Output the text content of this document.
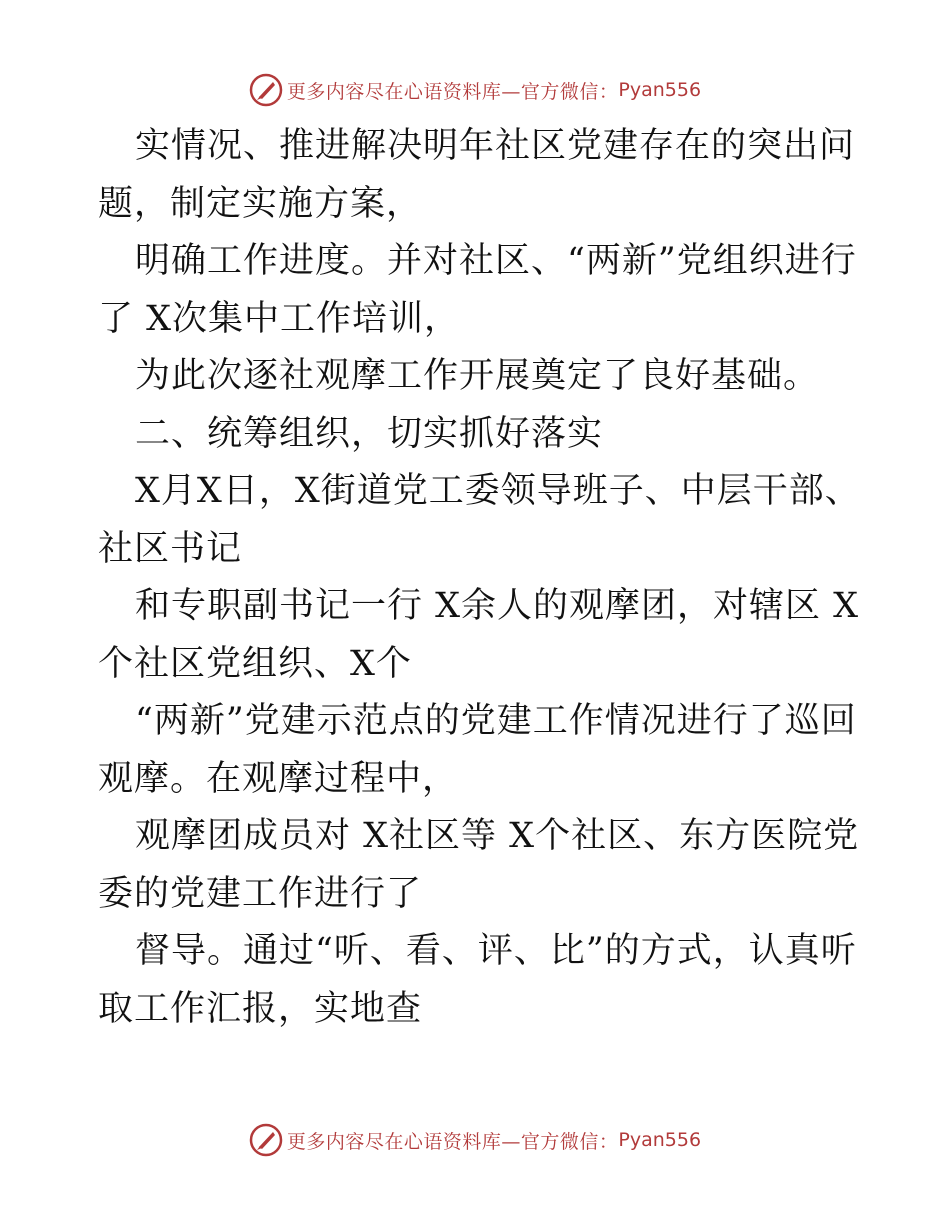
更多内容尽在心语资料库—官方微信： Pyan556
实情况、推进解决明年社区党建存在的突出问
题，制定实施方案，
明确工作进度。并对社区、“两新”党组织进行
了 X次集中工作培训，
为此次逐社观摩工作开展奠定了良好基础。
二、统筹组织，切实抓好落实
X月X日，X街道党工委领导班子、中层干部、
社区书记
和专职副书记一行 X余人的观摩团，对辖区 X
个社区党组织、X个
“两新”党建示范点的党建工作情况进行了巡回
观摩。在观摩过程中，
观摩团成员对 X社区等 X个社区、东方医院党
委的党建工作进行了
督导。通过“听、看、评、比”的方式，认真听
取工作汇报，实地查
更多内容尽在心语资料库—官方微信： Pyan556
